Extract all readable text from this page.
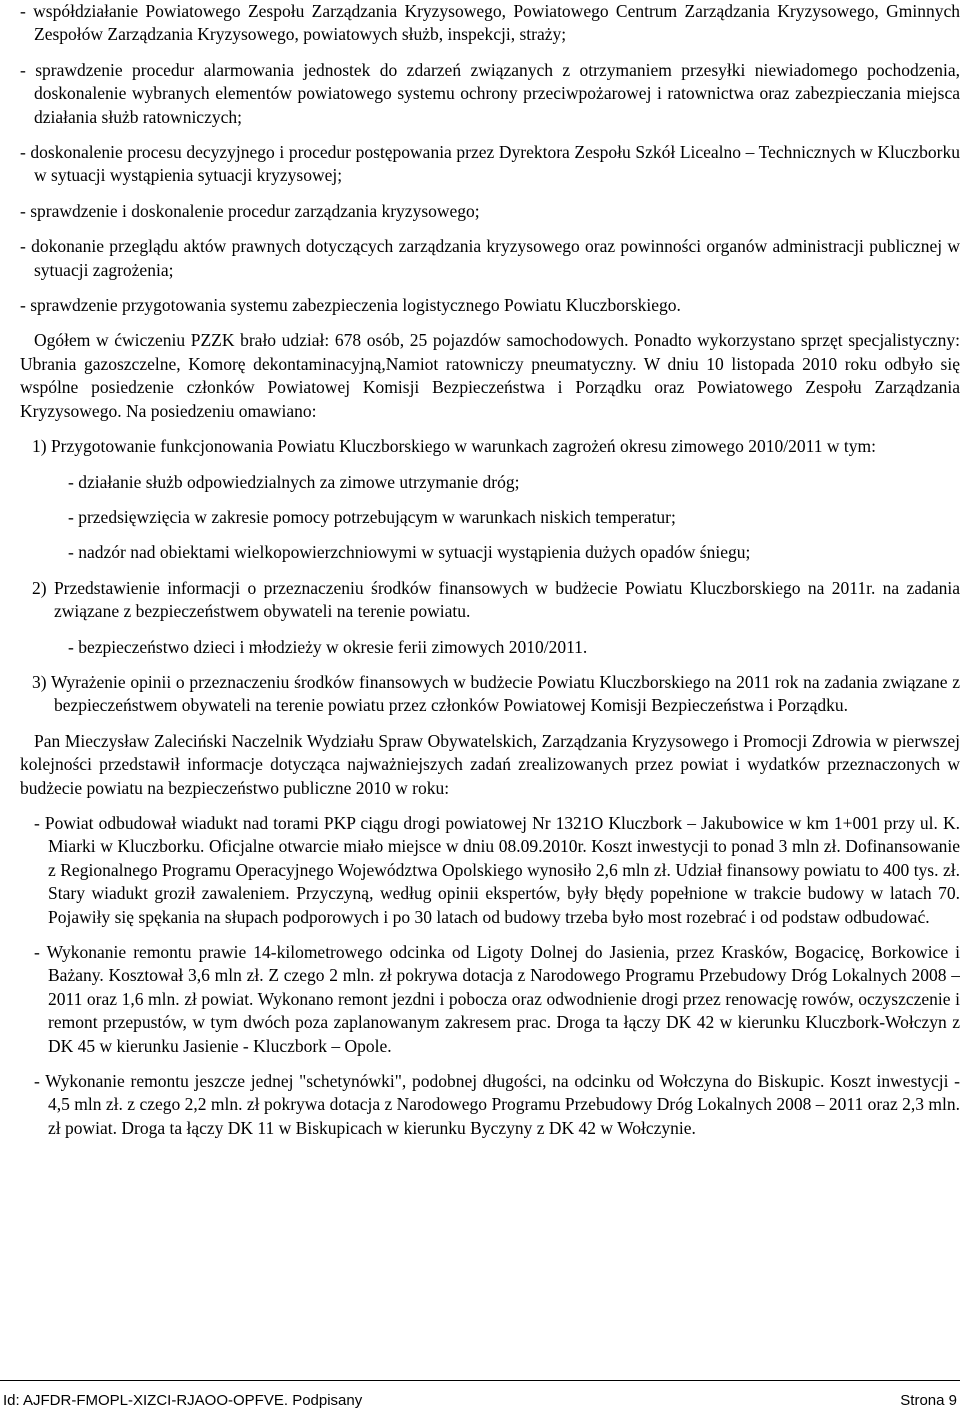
- współdziałanie Powiatowego Zespołu Zarządzania Kryzysowego, Powiatowego Centrum Zarządzania Kryzysowego, Gminnych Zespołów Zarządzania Kryzysowego, powiatowych służb, inspekcji, straży;

- sprawdzenie procedur alarmowania jednostek do zdarzeń związanych z otrzymaniem przesyłki niewiadomego pochodzenia, doskonalenie wybranych elementów powiatowego systemu ochrony przeciwpożarowej i ratownictwa oraz zabezpieczania miejsca działania służb ratowniczych;

- doskonalenie procesu decyzyjnego i procedur postępowania przez Dyrektora Zespołu Szkół Licealno – Technicznych w Kluczborku w sytuacji wystąpienia sytuacji kryzysowej;

- sprawdzenie i doskonalenie procedur zarządzania kryzysowego;

- dokonanie przeglądu aktów prawnych dotyczących zarządzania kryzysowego oraz powinności organów administracji publicznej w sytuacji zagrożenia;

- sprawdzenie przygotowania systemu zabezpieczenia logistycznego Powiatu Kluczborskiego.

Ogółem w ćwiczeniu PZZK brało udział: 678 osób, 25 pojazdów samochodowych. Ponadto wykorzystano sprzęt specjalistyczny: Ubrania gazoszczelne, Komorę dekontaminacyjną,Namiot ratowniczy pneumatyczny. W dniu 10 listopada 2010 roku odbyło się wspólne posiedzenie członków Powiatowej Komisji Bezpieczeństwa i Porządku oraz Powiatowego Zespołu Zarządzania Kryzysowego. Na posiedzeniu omawiano:

1) Przygotowanie funkcjonowania Powiatu Kluczborskiego w warunkach zagrożeń okresu zimowego 2010/2011 w tym:

- działanie służb odpowiedzialnych za zimowe utrzymanie dróg;

- przedsięwzięcia w zakresie pomocy potrzebującym w warunkach niskich temperatur;

- nadzór nad obiektami wielkopowierzchniowymi w sytuacji wystąpienia dużych opadów śniegu;

2) Przedstawienie informacji o przeznaczeniu środków finansowych w budżecie Powiatu Kluczborskiego na 2011r. na zadania związane z bezpieczeństwem obywateli na terenie powiatu.

- bezpieczeństwo dzieci i młodzieży w okresie ferii zimowych 2010/2011.

3) Wyrażenie opinii o przeznaczeniu środków finansowych w budżecie Powiatu Kluczborskiego na 2011 rok na zadania związane z bezpieczeństwem obywateli na terenie powiatu przez członków Powiatowej Komisji Bezpieczeństwa i Porządku.

Pan Mieczysław Zaleciński Naczelnik Wydziału Spraw Obywatelskich, Zarządzania Kryzysowego i Promocji Zdrowia w pierwszej kolejności przedstawił informacje dotycząca najważniejszych zadań zrealizowanych przez powiat i wydatków przeznaczonych w budżecie powiatu na bezpieczeństwo publiczne 2010 w roku:

- Powiat odbudował wiadukt nad torami PKP ciągu drogi powiatowej Nr 1321O Kluczbork – Jakubowice w km 1+001 przy ul. K. Miarki w Kluczborku. Oficjalne otwarcie miało miejsce w dniu 08.09.2010r. Koszt inwestycji to ponad 3 mln zł. Dofinansowanie z Regionalnego Programu Operacyjnego Województwa Opolskiego wynosiło 2,6 mln zł. Udział finansowy powiatu to 400 tys. zł. Stary wiadukt groził zawaleniem. Przyczyną, według opinii ekspertów, były błędy popełnione w trakcie budowy w latach 70. Pojawiły się spękania na słupach podporowych i po 30 latach od budowy trzeba było most rozebrać i od podstaw odbudować.

- Wykonanie remontu prawie 14-kilometrowego odcinka od Ligoty Dolnej do Jasienia, przez Krasków, Bogacicę, Borkowice i Bażany. Kosztował 3,6 mln zł. Z czego 2 mln. zł pokrywa dotacja z Narodowego Programu Przebudowy Dróg Lokalnych 2008 – 2011 oraz 1,6 mln. zł powiat. Wykonano remont jezdni i pobocza oraz odwodnienie drogi przez renowację rowów, oczyszczenie i remont przepustów, w tym dwóch poza zaplanowanym zakresem prac. Droga ta łączy DK 42 w kierunku Kluczbork-Wołczyn z DK 45 w kierunku Jasienie - Kluczbork – Opole.

- Wykonanie remontu jeszcze jednej "schetynówki", podobnej długości, na odcinku od Wołczyna do Biskupic. Koszt inwestycji - 4,5 mln zł. z czego 2,2 mln. zł pokrywa dotacja z Narodowego Programu Przebudowy Dróg Lokalnych 2008 – 2011 oraz 2,3 mln. zł powiat. Droga ta łączy DK 11 w Biskupicach w kierunku Byczyny z DK 42 w Wołczynie.

Id: AJFDR-FMOPL-XIZCI-RJAOO-OPFVE. Podpisany	Strona 9
